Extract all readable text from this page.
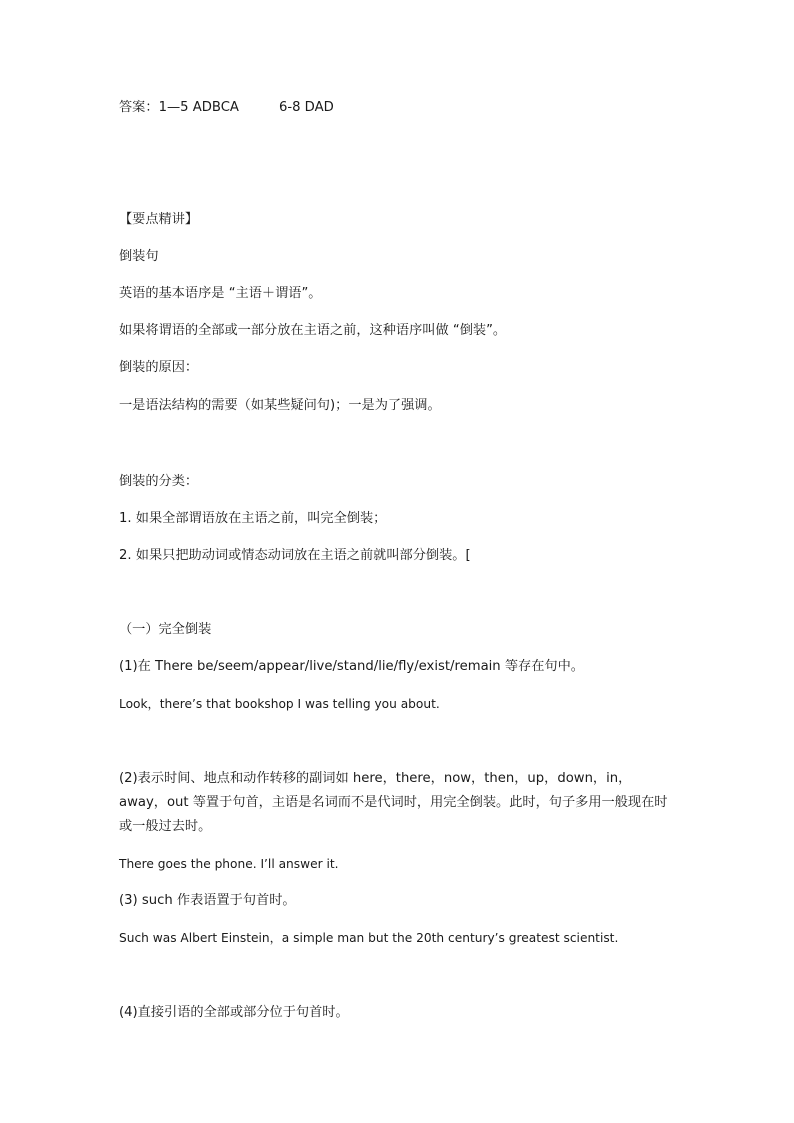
答案：1—5 ADBCA	6-8 DAD
【要点精讲】
倒装句
英语的基本语序是 “主语＋谓语”。
如果将谓语的全部或一部分放在主语之前，这种语序叫做 “倒装”。
倒装的原因：
一是语法结构的需要（如某些疑问句)；一是为了强调。
倒装的分类：
1. 如果全部谓语放在主语之前，叫完全倒装；
2. 如果只把助动词或情态动词放在主语之前就叫部分倒装。[
（一）完全倒装
(1)在 There be/seem/appear/live/stand/lie/fly/exist/remain 等存在句中。
Look，there’s that bookshop I was telling you about.
(2)表示时间、地点和动作转移的副词如 here，there，now，then，up，down，in，away，out 等置于句首，主语是名词而不是代词时，用完全倒装。此时，句子多用一般现在时或一般过去时。
There goes the phone. I’ll answer it.
(3) such 作表语置于句首时。
Such was Albert Einstein，a simple man but the 20th century’s greatest scientist.
(4)直接引语的全部或部分位于句首时。
